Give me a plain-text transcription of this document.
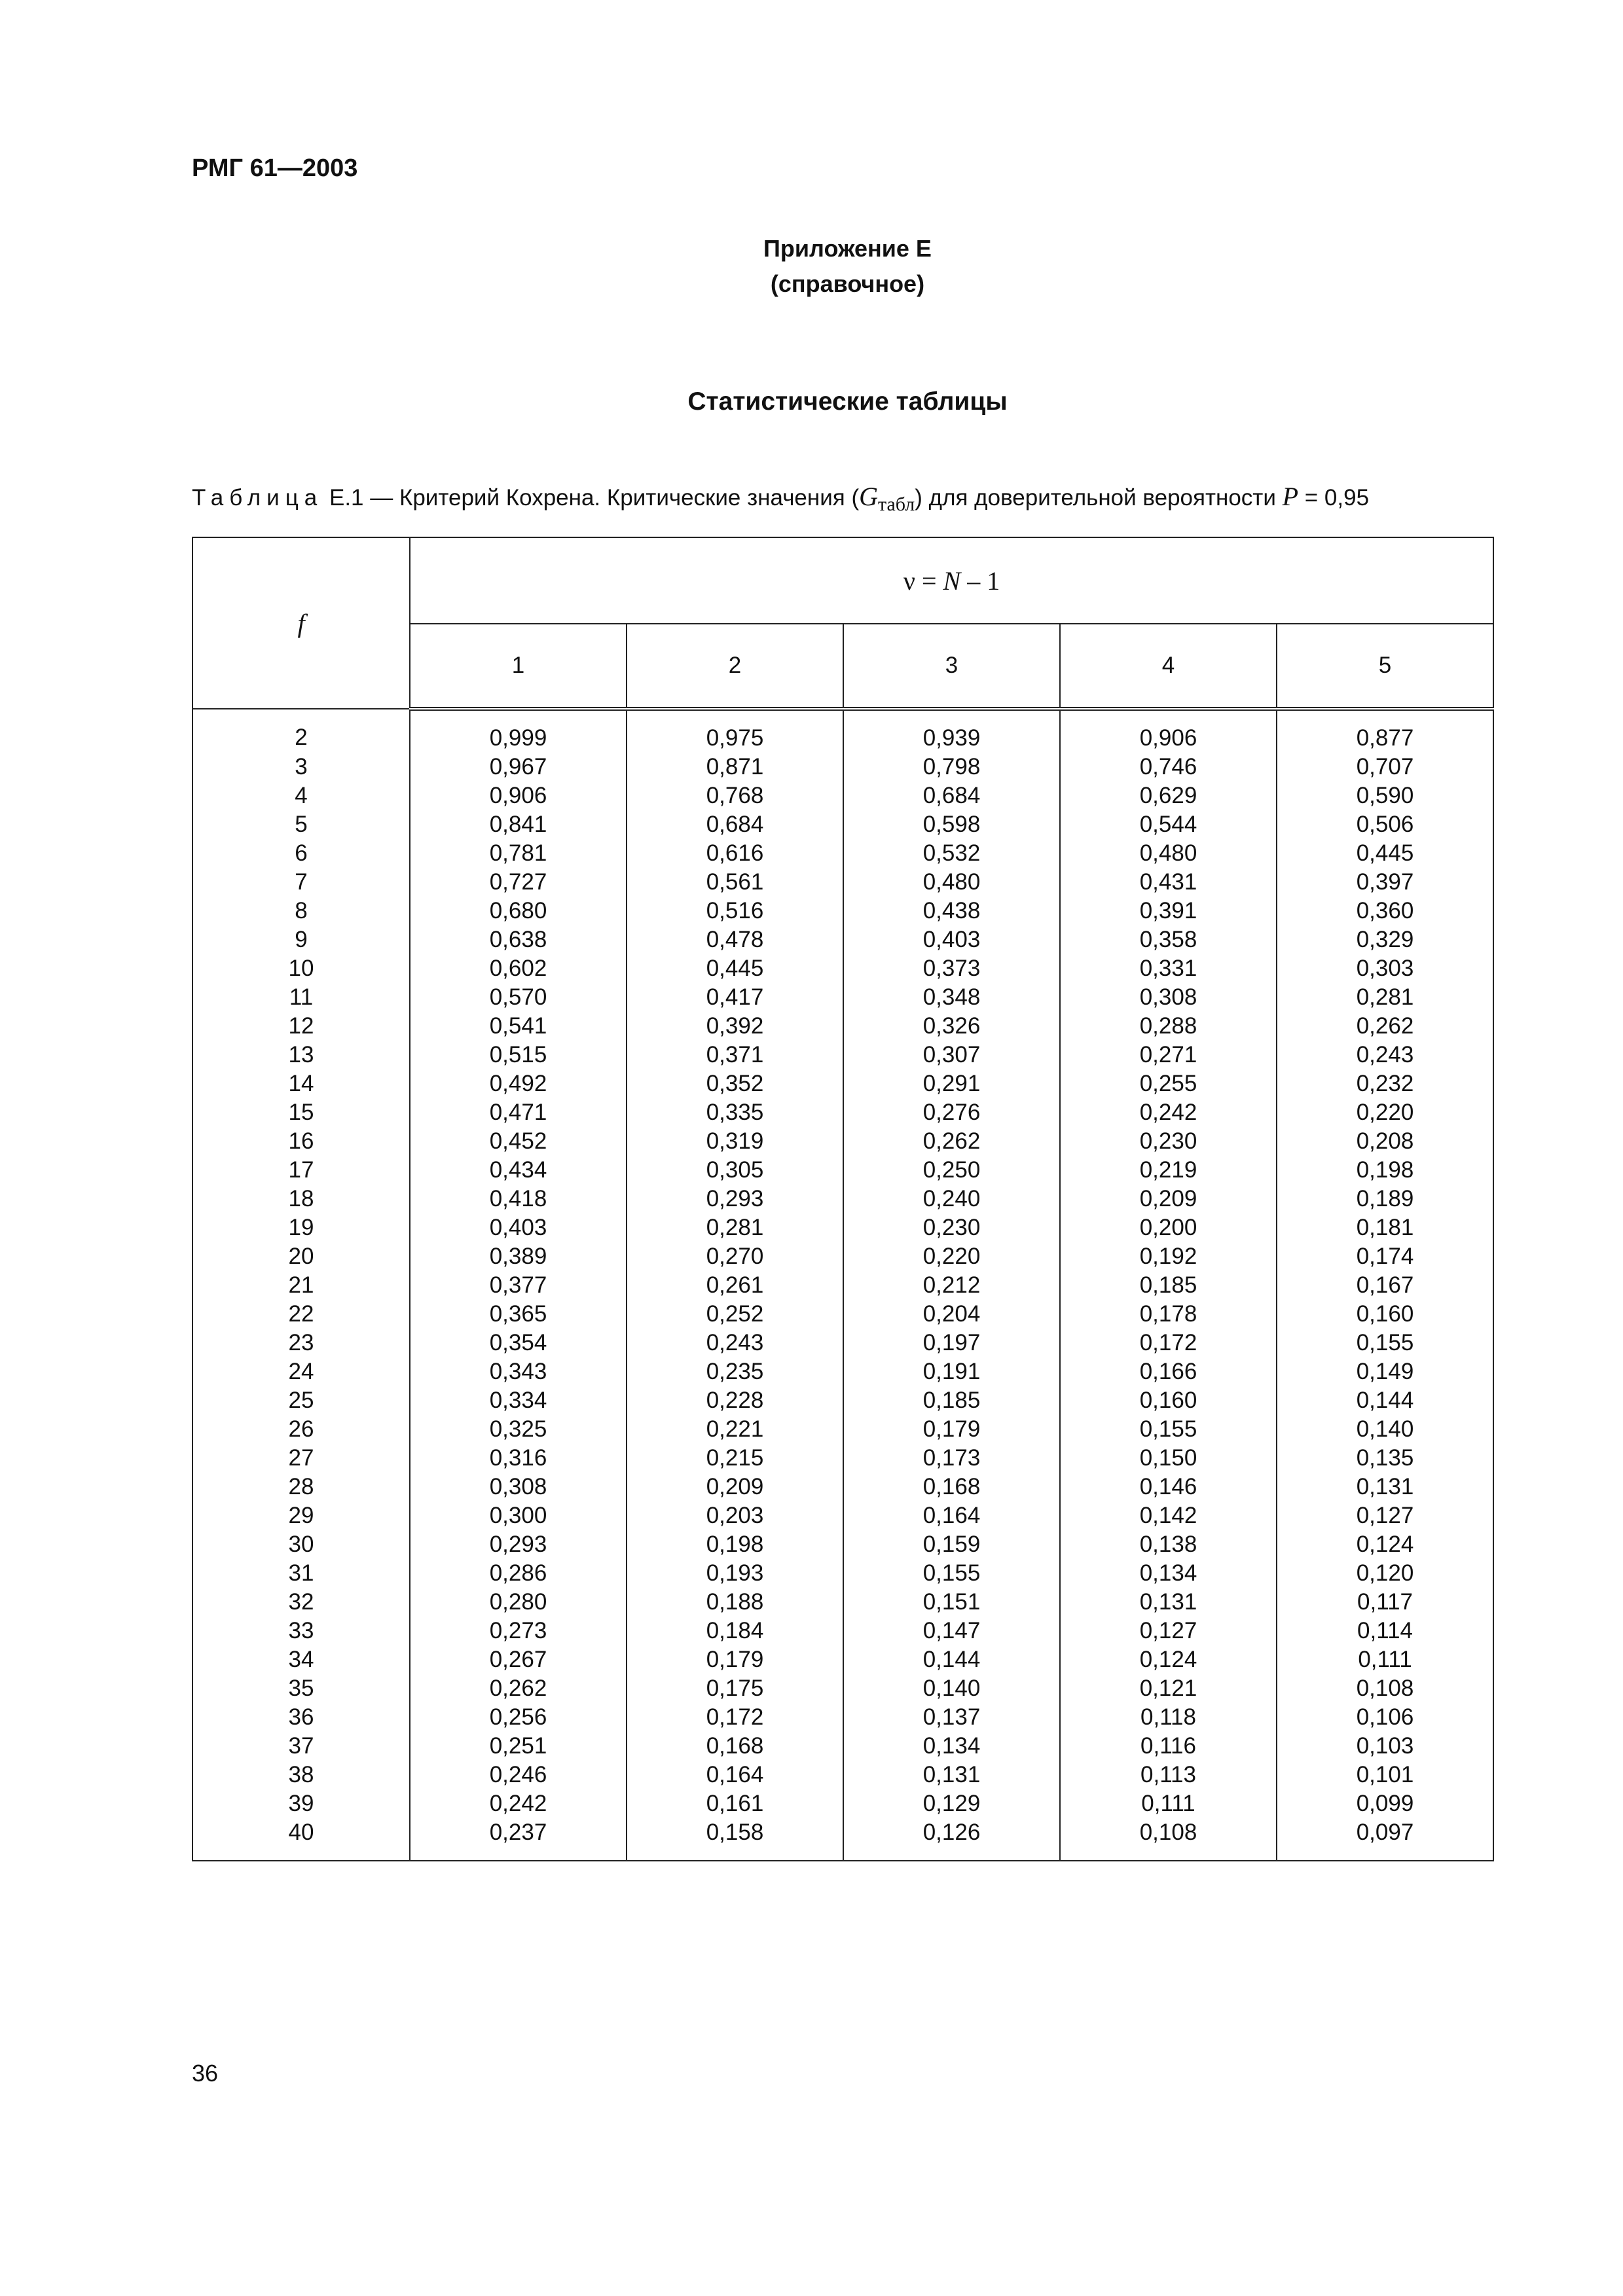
РМГ 61—2003
Приложение Е
(справочное)
Статистические таблицы
Таблица Е.1 — Критерий Кохрена. Критические значения $(G_{табл})$ для доверительной вероятности P = 0,95
f	ν = N – 1				
	1	2	3	4	5
2	0,999	0,975	0,939	0,906	0,877
3	0,967	0,871	0,798	0,746	0,707
4	0,906	0,768	0,684	0,629	0,590
5	0,841	0,684	0,598	0,544	0,506
6	0,781	0,616	0,532	0,480	0,445
7	0,727	0,561	0,480	0,431	0,397
8	0,680	0,516	0,438	0,391	0,360
9	0,638	0,478	0,403	0,358	0,329
10	0,602	0,445	0,373	0,331	0,303
11	0,570	0,417	0,348	0,308	0,281
12	0,541	0,392	0,326	0,288	0,262
13	0,515	0,371	0,307	0,271	0,243
14	0,492	0,352	0,291	0,255	0,232
15	0,471	0,335	0,276	0,242	0,220
16	0,452	0,319	0,262	0,230	0,208
17	0,434	0,305	0,250	0,219	0,198
18	0,418	0,293	0,240	0,209	0,189
19	0,403	0,281	0,230	0,200	0,181
20	0,389	0,270	0,220	0,192	0,174
21	0,377	0,261	0,212	0,185	0,167
22	0,365	0,252	0,204	0,178	0,160
23	0,354	0,243	0,197	0,172	0,155
24	0,343	0,235	0,191	0,166	0,149
25	0,334	0,228	0,185	0,160	0,144
26	0,325	0,221	0,179	0,155	0,140
27	0,316	0,215	0,173	0,150	0,135
28	0,308	0,209	0,168	0,146	0,131
29	0,300	0,203	0,164	0,142	0,127
30	0,293	0,198	0,159	0,138	0,124
31	0,286	0,193	0,155	0,134	0,120
32	0,280	0,188	0,151	0,131	0,117
33	0,273	0,184	0,147	0,127	0,114
34	0,267	0,179	0,144	0,124	0,111
35	0,262	0,175	0,140	0,121	0,108
36	0,256	0,172	0,137	0,118	0,106
37	0,251	0,168	0,134	0,116	0,103
38	0,246	0,164	0,131	0,113	0,101
39	0,242	0,161	0,129	0,111	0,099
40	0,237	0,158	0,126	0,108	0,097
36
